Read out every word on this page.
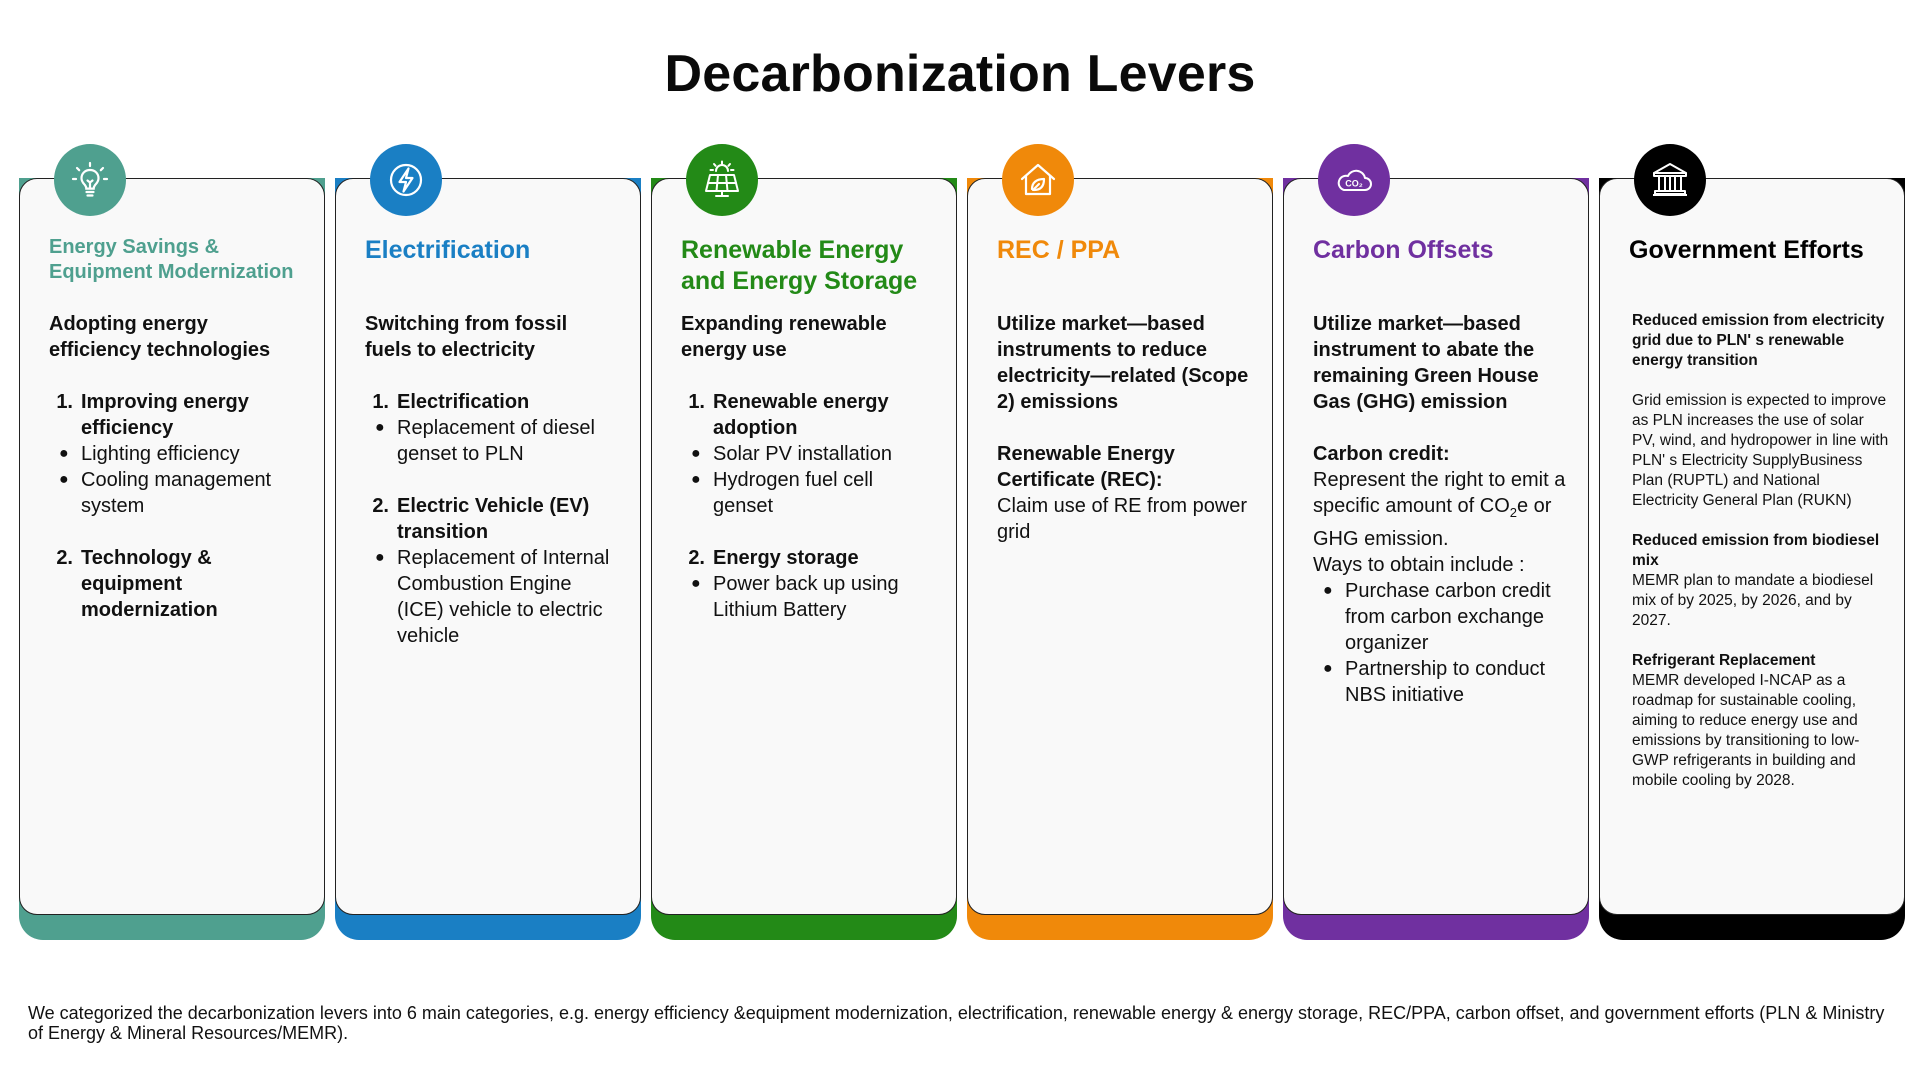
Decarbonization Levers
Energy Savings & Equipment Modernization
Adopting energy efficiency technologies
1. Improving energy efficiency
● Lighting efficiency
● Cooling management system
2. Technology & equipment modernization
Electrification
Switching from fossil fuels to electricity
1. Electrification
● Replacement of diesel genset to PLN
2. Electric Vehicle (EV) transition
● Replacement of Internal Combustion Engine (ICE) vehicle to electric vehicle
Renewable Energy and Energy Storage
Expanding renewable energy use
1. Renewable energy adoption
● Solar PV installation
● Hydrogen fuel cell genset
2. Energy storage
● Power back up using Lithium Battery
REC / PPA
Utilize market—based instruments to reduce electricity—related (Scope 2) emissions
Renewable Energy Certificate (REC):
Claim use of RE from power grid
Carbon Offsets
Utilize market—based instrument to abate the remaining Green House Gas (GHG) emission
Carbon credit:
Represent the right to emit a specific amount of $CO_2e$ or GHG emission.
Ways to obtain include :
● Purchase carbon credit from carbon exchange organizer
● Partnership to conduct NBS initiative
CO₂
Government Efforts
Reduced emission from electricity grid due to PLN' s renewable energy transition
Grid emission is expected to improve as PLN increases the use of solar PV, wind, and hydropower in line with PLN' s Electricity SupplyBusiness Plan (RUPTL) and National Electricity General Plan (RUKN)
Reduced emission from biodiesel mix
MEMR plan to mandate a biodiesel mix of by 2025, by 2026, and by 2027.
Refrigerant Replacement
MEMR developed I-NCAP as a roadmap for sustainable cooling, aiming to reduce energy use and emissions by transitioning to low-GWP refrigerants in building and mobile cooling by 2028.
We categorized the decarbonization levers into 6 main categories, e.g. energy efficiency &equipment modernization, electrification, renewable energy & energy storage, REC/PPA, carbon offset, and government efforts (PLN & Ministry of Energy & Mineral Resources/MEMR).
